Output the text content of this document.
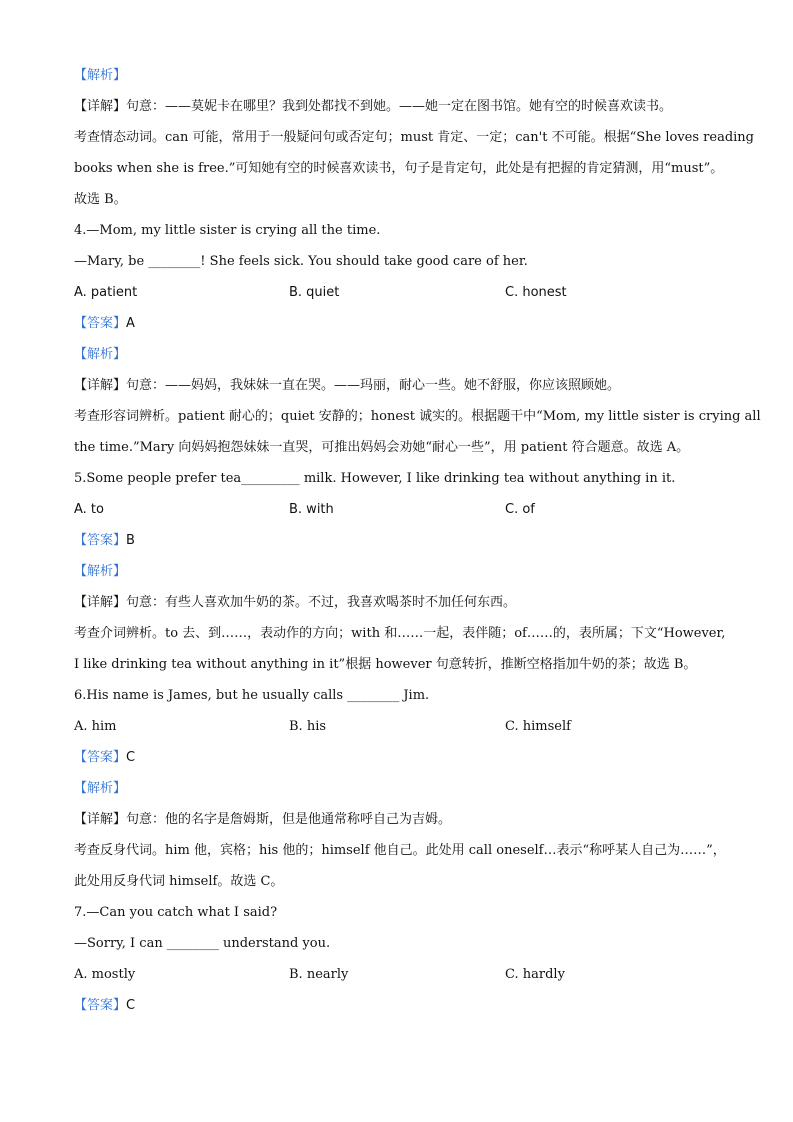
【解析】
【详解】句意：——莫妮卡在哪里？我到处都找不到她。——她一定在图书馆。她有空的时候喜欢读书。
考查情态动词。can 可能，常用于一般疑问句或否定句；must 肯定、一定；can't 不可能。根据“She loves reading
books when she is free.”可知她有空的时候喜欢读书，句子是肯定句，此处是有把握的肯定猜测，用“must”。
故选 B。
4.—Mom, my little sister is crying all the time.
—Mary, be ________! She feels sick. You should take good care of her.
A. patient	B. quiet	C. honest
【答案】A
【解析】
【详解】句意：——妈妈，我妹妹一直在哭。——玛丽，耐心一些。她不舒服，你应该照顾她。
考查形容词辨析。patient 耐心的；quiet 安静的；honest 诚实的。根据题干中“Mom, my little sister is crying all
the time.”Mary 向妈妈抱怨妹妹一直哭，可推出妈妈会劝她“耐心一些”，用 patient 符合题意。故选 A。
5.Some people prefer tea_________ milk. However, I like drinking tea without anything in it.
A. to	B. with	C. of
【答案】B
【解析】
【详解】句意：有些人喜欢加牛奶的茶。不过，我喜欢喝茶时不加任何东西。
考查介词辨析。to 去、到……，表动作的方向；with 和……一起，表伴随；of……的，表所属；下文“However,
I like drinking tea without anything in it”根据 however 句意转折，推断空格指加牛奶的茶；故选 B。
6.His name is James, but he usually calls ________ Jim.
A. him	B. his	C. himself
【答案】C
【解析】
【详解】句意：他的名字是詹姆斯，但是他通常称呼自己为吉姆。
考查反身代词。him 他，宾格；his 他的；himself 他自己。此处用 call oneself…表示“称呼某人自己为……”，
此处用反身代词 himself。故选 C。
7.—Can you catch what I said?
—Sorry, I can ________ understand you.
A. mostly	B. nearly	C. hardly
【答案】C
